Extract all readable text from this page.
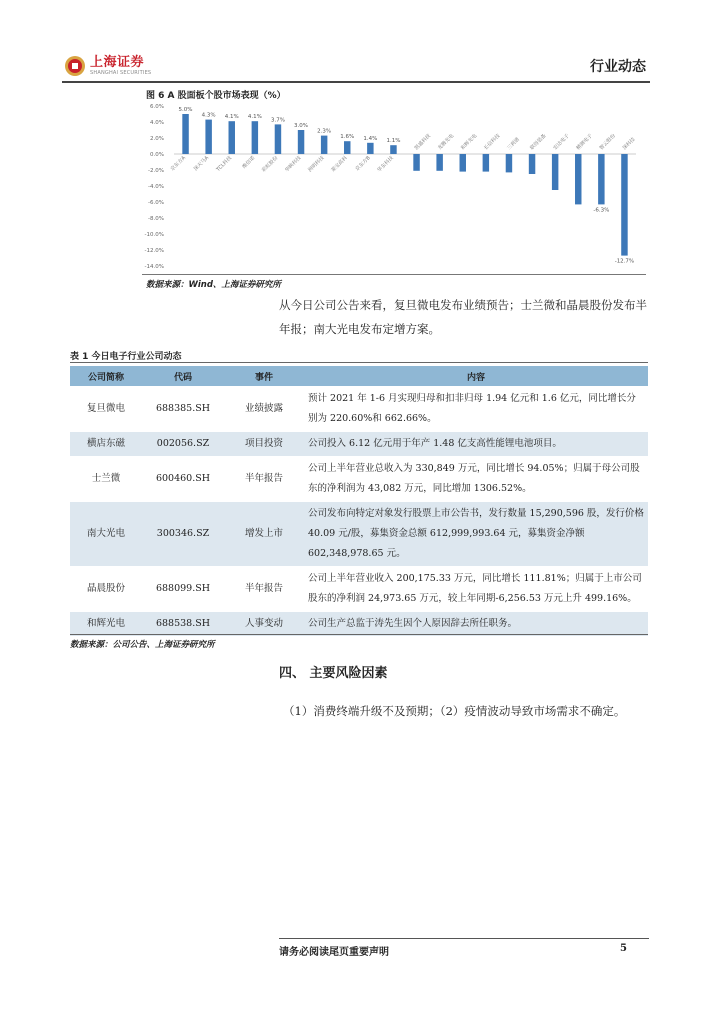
上海证券
SHANGHAI SECURITIES	行业动态
图 6 A 股面板个股市场表现（%）
6.0%
4.0%
2.0%
0.0%
-2.0%
-4.0%
-6.0%
-8.0%
-10.0%
-12.0%
-14.0%
5.0%
京东方A
4.3%
深天马A
4.1%
TCL科技
4.1%
维信诺
3.7%
彩虹股份
3.0%
华映科技
2.3%
洲明科技
1.6%
莱宝高科
1.4%
京东方B
1.1%
华东科技
凯盛科技 龙腾光电 和辉光电 长信科技 三利谱 联得装备 宏达电子 精测电子
-6.3%
智云股份
-12.7%
深科技
数据来源：Wind、上海证券研究所
从今日公司公告来看，复旦微电发布业绩预告；士兰微和晶晨股份发布半年报；南大光电发布定增方案。
表 1 今日电子行业公司动态
公司简称	代码	事件	内容
复旦微电	688385.SH	业绩披露	预计 2021 年 1-6 月实现归母和扣非归母 1.94 亿元和 1.6 亿元，同比增长分别为 220.60%和 662.66%。
横店东磁	002056.SZ	项目投资	公司投入 6.12 亿元用于年产 1.48 亿支高性能锂电池项目。
士兰微	600460.SH	半年报告	公司上半年营业总收入为 330,849 万元，同比增长 94.05%；归属于母公司股东的净利润为 43,082 万元，同比增加 1306.52%。
南大光电	300346.SZ	增发上市	公司发布向特定对象发行股票上市公告书，发行数量 15,290,596 股，发行价格 40.09 元/股，募集资金总额 612,999,993.64 元，募集资金净额 602,348,978.65 元。
晶晨股份	688099.SH	半年报告	公司上半年营业收入 200,175.33 万元，同比增长 111.81%；归属于上市公司股东的净利润 24,973.65 万元，较上年同期-6,256.53 万元上升 499.16%。
和辉光电	688538.SH	人事变动	公司生产总监于涛先生因个人原因辞去所任职务。
数据来源：公司公告、上海证券研究所
四、 主要风险因素
（1）消费终端升级不及预期；（2）疫情波动导致市场需求不确定。
请务必阅读尾页重要声明	5
